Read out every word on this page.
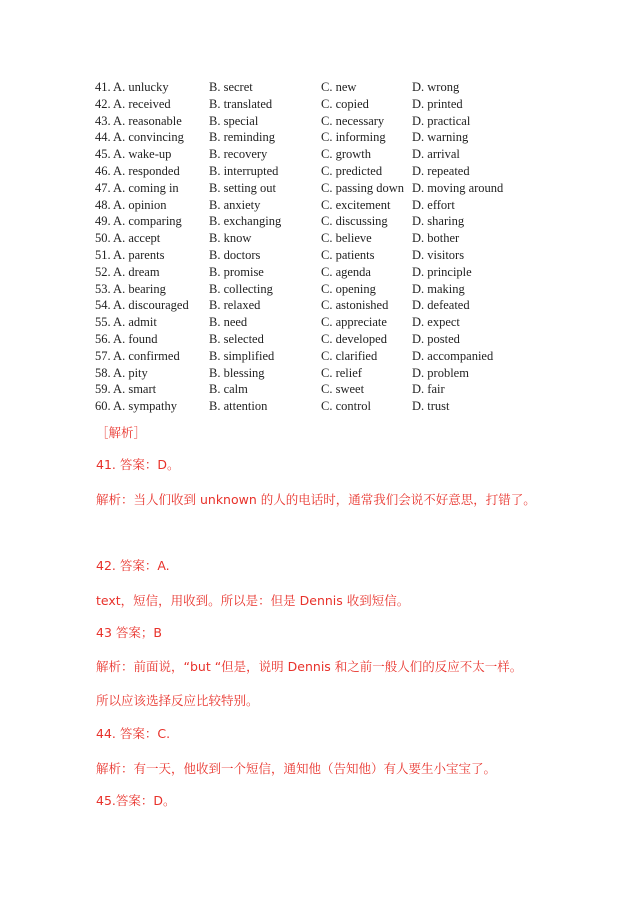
41. A. unlucky	B. secret	C. new	D. wrong
42. A. received	B. translated	C. copied	D. printed
43. A. reasonable	B. special	C. necessary	D. practical
44. A. convincing	B. reminding	C. informing	D. warning
45. A. wake-up	B. recovery	C. growth	D. arrival
46. A. responded	B. interrupted	C. predicted	D. repeated
47. A. coming in	B. setting out	C. passing down D. moving around
48. A. opinion	B. anxiety	C. excitement	D. effort
49. A. comparing	B. exchanging	C. discussing	D. sharing
50. A. accept	B. know	C. believe	D. bother
51. A. parents	B. doctors	C. patients	D. visitors
52. A. dream	B. promise	C. agenda	D. principle
53. A. bearing	B. collecting	C. opening	D. making
54. A. discouraged	B. relaxed	C. astonished	D. defeated
55. A. admit	B. need	C. appreciate	D. expect
56. A. found	B. selected	C. developed	D. posted
57. A. confirmed	B. simplified	C. clarified	D. accompanied
58. A. pity	B. blessing	C. relief	D. problem
59. A. smart	B. calm	C. sweet	D. fair
60. A. sympathy	B. attention	C. control	D. trust
［解析］
41. 答案：D。
解析：当人们收到 unknown 的人的电话时，通常我们会说不好意思，打错了。
42. 答案：A.
text，短信，用收到。所以是：但是 Dennis 收到短信。
43 答案；B
解析：前面说，“but “但是，说明 Dennis 和之前一般人们的反应不太一样。
所以应该选择反应比较特别。
44. 答案：C.
解析：有一天，他收到一个短信，通知他（告知他）有人要生小宝宝了。
45.答案：D。
